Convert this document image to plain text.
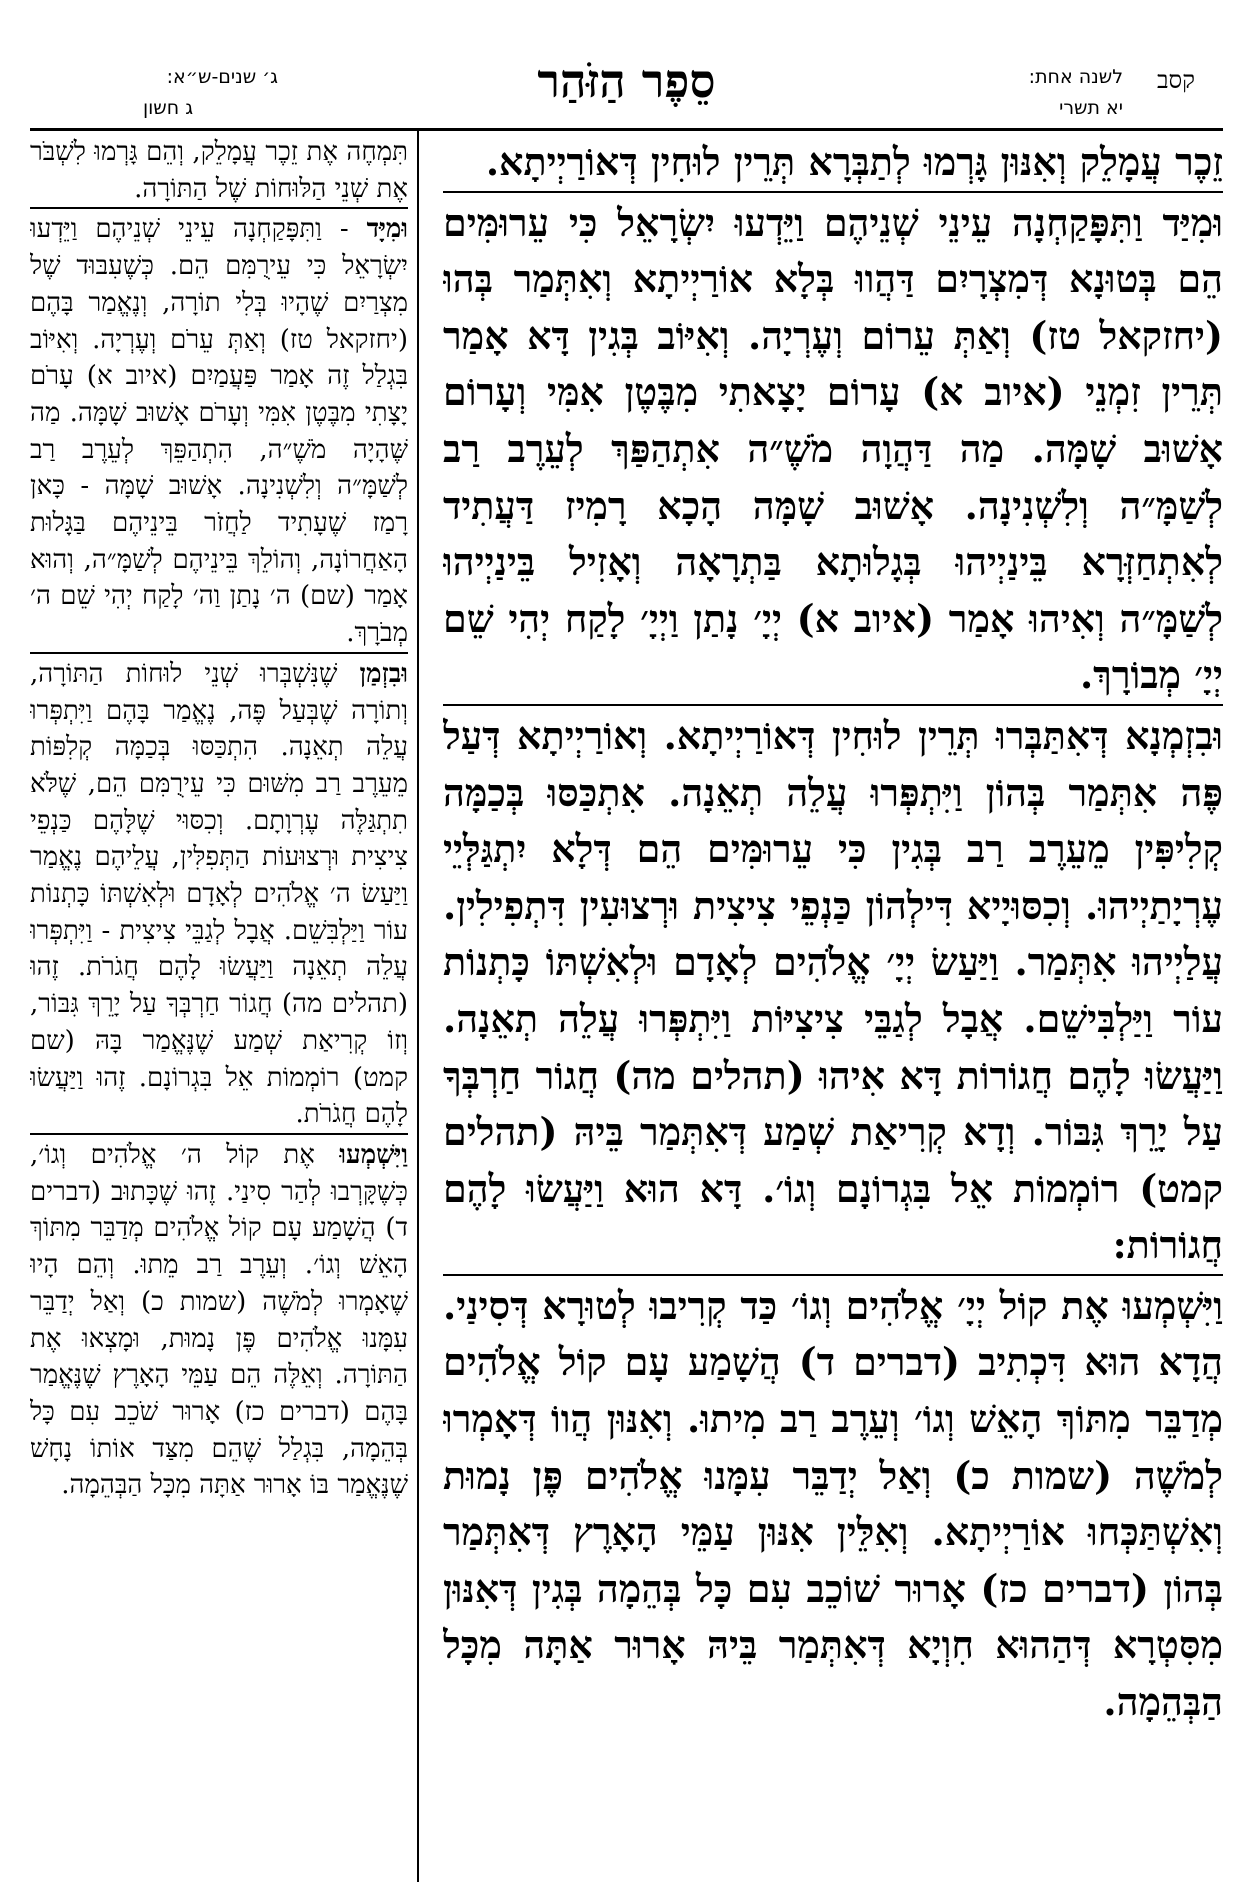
קסב
לשנה אחת:
יא תשרי
סֵפֶר הַזֹּהַר
ג׳ שנים-ש״א:
ג חשון

זֵכֶר עֲמָלֵק וְאִנּוּן גָּרְמוּ לְתַבְּרָא תְּרֵין לוּחִין דְּאוֹרַיְיתָא.

וּמִיַּד וַתִּפָּקַחְנָה עֵינֵי שְׁנֵיהֶם וַיֵּדְעוּ יִשְׂרָאֵל כִּי עֵרוּמִּים הֵם בְּטוּנָא דְּמִצְרָיִם דַּהֲווּ בְּלָא אוֹרַיְיתָא וְאִתְּמַר בְּהוּ (יחזקאל טז) וְאַתְּ עֵרוֹם וְעֶרְיָה. וְאִיּוֹב בְּגִין דָּא אָמַר תְּרֵין זִמְנֵי (איוב א) עָרוֹם יָצָאתִי מִבֶּטֶן אִמִּי וְעָרוֹם אָשׁוּב שָׁמָּה. מַה דַּהֲוָה מֹשֶׁ״ה אִתְהַפַּךְ לְעֵרֶב רַב לְשַׁמָּ״ה וְלִשְׁנִינָה. אָשׁוּב שָׁמָּה הָכָא רָמִיז דַּעֲתִיד לְאִתְחַזְּרָא בֵּינַיְיהוּ בְּגָלוּתָא בַּתְרָאָה וְאָזִיל בֵּינַיְיהוּ לְשַׁמָּ״ה וְאִיהוּ אָמַר (איוב א) יְיָ׳ נָתַן וַיְיָ׳ לָקַח יְהִי שֵׁם יְיָ׳ מְבוֹרָךְ.

וּבִזְמְנָא דְּאִתַּבְּרוּ תְּרֵין לוּחִין דְּאוֹרַיְיתָא. וְאוֹרַיְיתָא דְּעַל פֶּה אִתְּמַר בְּהוֹן וַיִּתְפְּרוּ עֲלֵה תְאֵנָה. אִתְכַּסּוּ בְּכַמָּה קְלִיפִּין מֵעֵרֶב רַב בְּגִין כִּי עֵרוּמִּים הֵם דְּלָא יִתְגַּלְּיֵי עֶרְיָתַיְיהוּ. וְכִסּוּיָיא דִּילְהוֹן כַּנְפֵי צִיצִית וּרְצוּעִין דִּתְפִילִין. עֲלַיְיהוּ אִתְּמַר. וַיַּעַשׂ יְיָ׳ אֱלֹהִים לְאָדָם וּלְאִשְׁתּוֹ כָּתְנוֹת עוֹר וַיַּלְבִּישֵׁם. אֲבָל לְגַבֵּי צִיצִיּוֹת וַיִּתְפְּרוּ עֲלֵה תְאֵנָה. וַיַּעֲשׂוּ לָהֶם חֲגוֹרוֹת דָּא אִיהוּ (תהלים מה) חֲגוֹר חַרְבְּךָ עַל יָרֵךְ גִּבּוֹר. וְדָא קְרִיאַת שְׁמַע דְּאִתְּמַר בֵּיהּ (תהלים קמט) רוֹמְמוֹת אֵל בִּגְרוֹנָם וְגוֹ׳. דָּא הוּא וַיַּעֲשׂוּ לָהֶם חֲגוֹרוֹת:

וַיִּשְׁמְעוּ אֶת קוֹל יְיָ׳ אֱלֹהִים וְגוֹ׳ כַּד קְרִיבוּ לְטוּרָא דְּסִינַי. הֲדָא הוּא דִּכְתִיב (דברים ד) הֲשָׁמַע עָם קוֹל אֱלֹהִים מְדַבֵּר מִתּוֹךְ הָאֵשׁ וְגוֹ׳ וְעֵרֶב רַב מִיתוּ. וְאִנּוּן הֲווֹ דְּאָמְרוּ לְמֹשֶׁה (שמות כ) וְאַל יְדַבֵּר עִמָּנוּ אֱלֹהִים פֶּן נָמוּת וְאִשְׁתַּכְּחוּ אוֹרַיְיתָא. וְאִלֵּין אִנּוּן עַמֵּי הָאָרֶץ דְּאִתְּמַר בְּהוֹן (דברים כז) אָרוּר שׁוֹכֵב עִם כָּל בְּהֵמָה בְּגִין דְּאִנּוּן מִסִּטְרָא דְּהַהוּא חִוְיָא דְּאִתְּמַר בֵּיהּ אָרוּר אַתָּה מִכָּל הַבְּהֵמָה.

תִּמְחֶה אֶת זֵכֶר עֲמָלֵק, וְהֵם גָּרְמוּ לִשְׁבֹּר אֶת שְׁנֵי הַלּוּחוֹת שֶׁל הַתּוֹרָה.

וּמִיָּד - וַתִּפָּקַחְנָה עֵינֵי שְׁנֵיהֶם וַיֵּדְעוּ יִשְׂרָאֵל כִּי עֵירֻמִּם הֵם. כְּשֶׁעִבּוּד שֶׁל מִצְרַיִם שֶׁהָיוּ בְּלִי תוֹרָה, וְנֶאֱמַר בָּהֶם (יחזקאל טז) וְאַתְּ עֵרֹם וְעֶרְיָה. וְאִיּוֹב בִּגְלַל זֶה אָמַר פַּעֲמַיִם (איוב א) עָרֹם יָצָתִי מִבֶּטֶן אִמִּי וְעָרֹם אָשׁוּב שָׁמָּה. מַה שֶּׁהָיָה מֹשֶׁ״ה, הִתְהַפֵּךְ לְעֵרֶב רַב לְשַׁמָּ״ה וְלִשְׁנִינָה. אָשׁוּב שָׁמָּה - כָּאן רָמַז שֶׁעָתִיד לַחֲזֹר בֵּינֵיהֶם בַּגָּלוּת הָאַחֲרוֹנָה, וְהוֹלֵךְ בֵּינֵיהֶם לְשַׁמָּ״ה, וְהוּא אָמַר (שם) ה׳ נָתַן וַה׳ לָקַח יְהִי שֵׁם ה׳ מְבֹרָךְ.

וּבִזְמַן שֶׁנִּשְׁבְּרוּ שְׁנֵי לוּחוֹת הַתּוֹרָה, וְתוֹרָה שֶׁבְּעַל פֶּה, נֶאֱמַר בָּהֶם וַיִּתְפְּרוּ עֲלֵה תְאֵנָה. הִתְכַּסּוּ בְּכַמָּה קְלִפּוֹת מֵעֵרֶב רַב מִשּׁוּם כִּי עֵירֻמִּם הֵם, שֶׁלֹּא תִתְגַּלֶּה עֶרְוָתָם. וְכִסּוּי שֶׁלָּהֶם כַּנְפֵי צִיצִית וּרְצוּעוֹת הַתְּפִלִּין, עֲלֵיהֶם נֶאֱמַר וַיַּעַשׂ ה׳ אֱלֹהִים לְאָדָם וּלְאִשְׁתּוֹ כָּתְנוֹת עוֹר וַיַּלְבִּשֵׁם. אֲבָל לְגַבֵּי צִיצִית - וַיִּתְפְּרוּ עֲלֵה תְאֵנָה וַיַּעֲשׂוּ לָהֶם חֲגֹרֹת. זֶהוּ (תהלים מה) חֲגוֹר חַרְבְּךָ עַל יָרֵךְ גִּבּוֹר, וְזוֹ קְרִיאַת שְׁמַע שֶׁנֶּאֱמַר בָּהּ (שם קמט) רוֹמְמוֹת אֵל בִּגְרוֹנָם. זֶהוּ וַיַּעֲשׂוּ לָהֶם חֲגֹרֹת.

וַיִּשְׁמְעוּ אֶת קוֹל ה׳ אֱלֹהִים וְגוֹ׳, כְּשֶׁקָּרְבוּ לְהַר סִינַי. זֶהוּ שֶׁכָּתוּב (דברים ד) הֲשָׁמַע עָם קוֹל אֱלֹהִים מְדַבֵּר מִתּוֹךְ הָאֵשׁ וְגוֹ׳. וְעֵרֶב רַב מֵתוּ. וְהֵם הָיוּ שֶׁאָמְרוּ לְמֹשֶׁה (שמות כ) וְאַל יְדַבֵּר עִמָּנוּ אֱלֹהִים פֶּן נָמוּת, וּמָצְאוּ אֶת הַתּוֹרָה. וְאֵלֶּה הֵם עַמֵּי הָאָרֶץ שֶׁנֶּאֱמַר בָּהֶם (דברים כז) אָרוּר שֹׁכֵב עִם כָּל בְּהֵמָה, בִּגְלַל שֶׁהֵם מִצַּד אוֹתוֹ נָחָשׁ שֶׁנֶּאֱמַר בּוֹ אָרוּר אַתָּה מִכָּל הַבְּהֵמָה.
